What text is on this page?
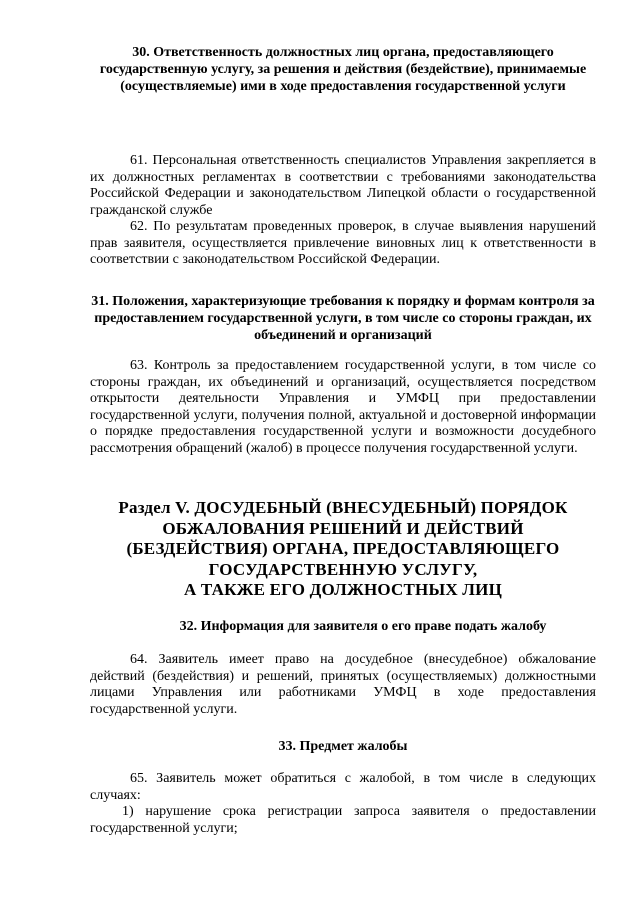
30. Ответственность должностных лиц органа, предоставляющего государственную услугу, за решения и действия (бездействие), принимаемые (осуществляемые) ими в ходе предоставления государственной услуги

61. Персональная ответственность специалистов Управления закрепляется в их должностных регламентах в соответствии с требованиями законодательства Российской Федерации и законодательством Липецкой области о государственной гражданской службе

62. По результатам проведенных проверок, в случае выявления нарушений прав заявителя, осуществляется привлечение виновных лиц к ответственности в соответствии с законодательством Российской Федерации.

31. Положения, характеризующие требования к порядку и формам контроля за предоставлением государственной услуги, в том числе со стороны граждан, их объединений и организаций

63. Контроль за предоставлением государственной услуги, в том числе со стороны граждан, их объединений и организаций, осуществляется посредством открытости деятельности Управления и УМФЦ при предоставлении государственной услуги, получения полной, актуальной и достоверной информации о порядке предоставления государственной услуги и возможности досудебного рассмотрения обращений (жалоб) в процессе получения государственной услуги.

Раздел V. ДОСУДЕБНЫЙ (ВНЕСУДЕБНЫЙ) ПОРЯДОК
ОБЖАЛОВАНИЯ РЕШЕНИЙ И ДЕЙСТВИЙ
(БЕЗДЕЙСТВИЯ) ОРГАНА, ПРЕДОСТАВЛЯЮЩЕГО
ГОСУДАРСТВЕННУЮ УСЛУГУ,
А ТАКЖЕ ЕГО ДОЛЖНОСТНЫХ ЛИЦ
32. Информация для заявителя о его праве подать жалобу

64. Заявитель имеет право на досудебное (внесудебное) обжалование действий (бездействия) и решений, принятых (осуществляемых) должностными лицами Управления или работниками УМФЦ в ходе предоставления государственной услуги.

33. Предмет жалобы

65. Заявитель может обратиться с жалобой, в том числе в следующих случаях:

1) нарушение срока регистрации запроса заявителя о предоставлении государственной услуги;
